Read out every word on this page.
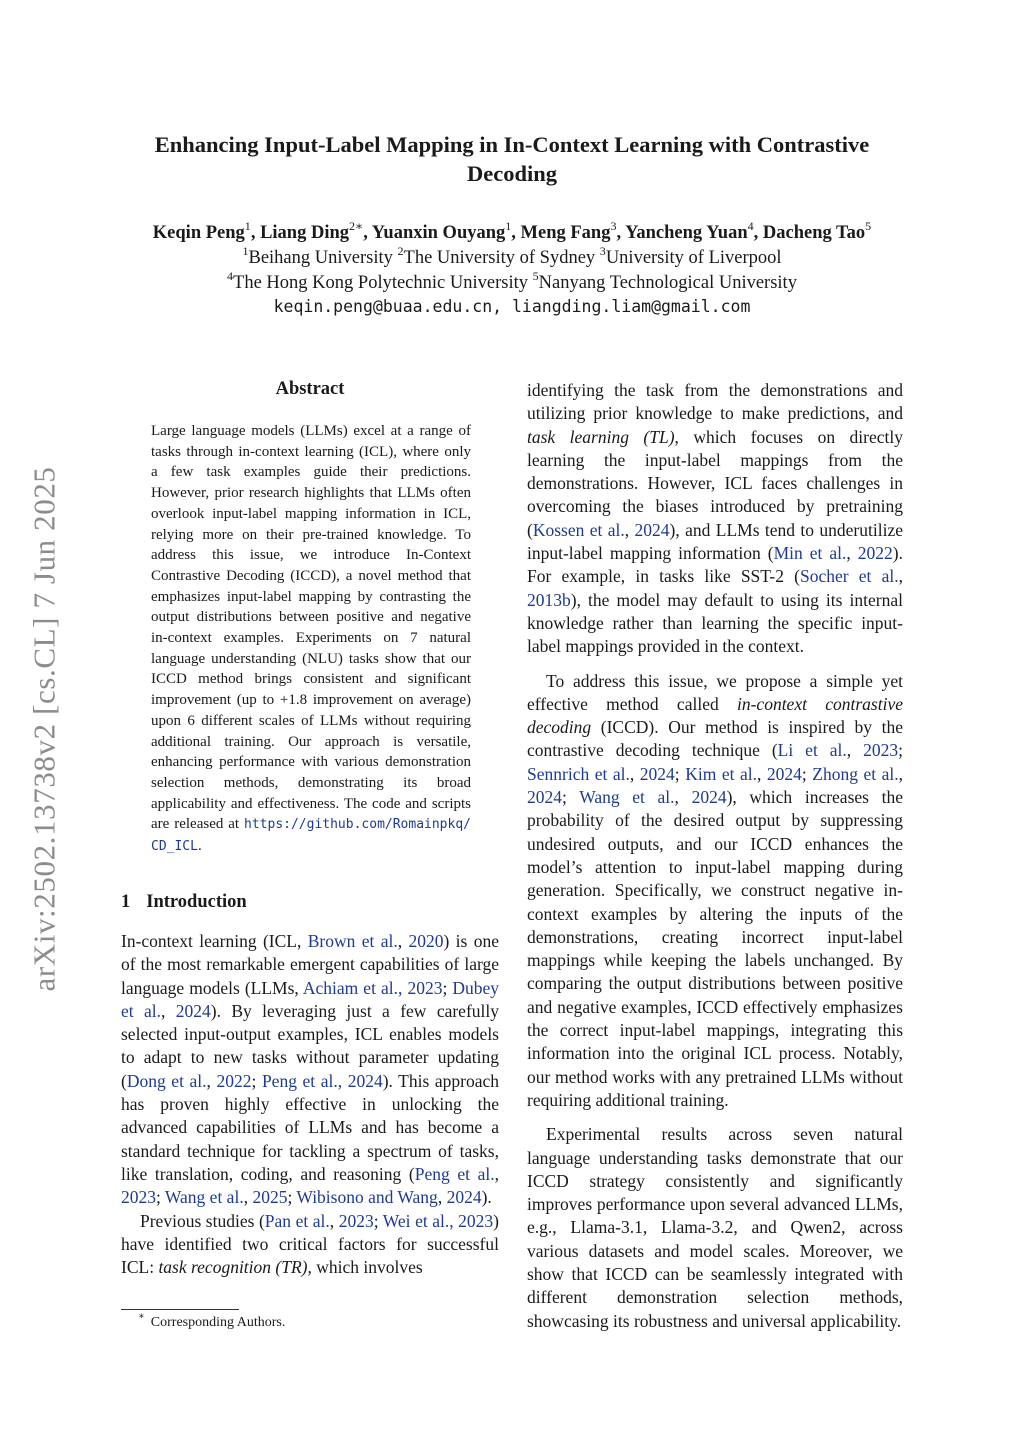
arXiv:2502.13738v2 [cs.CL] 7 Jun 2025
Enhancing Input-Label Mapping in In-Context Learning with Contrastive Decoding
Keqin Peng$^1$, Liang Ding$^{2∗}$, Yuanxin Ouyang$^1$, Meng Fang$^3$, Yancheng Yuan$^4$, Dacheng Tao$^5$
$^1$Beihang University $^2$The University of Sydney $^3$University of Liverpool
$^4$The Hong Kong Polytechnic University $^5$Nanyang Technological University
keqin.peng@buaa.edu.cn, liangding.liam@gmail.com
Abstract

Large language models (LLMs) excel at a range of tasks through in-context learning (ICL), where only a few task examples guide their predictions. However, prior research highlights that LLMs often overlook input-label mapping information in ICL, relying more on their pre-trained knowledge. To address this issue, we introduce In-Context Contrastive Decoding (ICCD), a novel method that emphasizes input-label mapping by contrasting the output distributions between positive and negative in-context examples. Experiments on 7 natural language understanding (NLU) tasks show that our ICCD method brings consistent and significant improvement (up to +1.8 improvement on average) upon 6 different scales of LLMs without requiring additional training. Our approach is versatile, enhancing performance with various demonstration selection methods, demonstrating its broad applicability and effectiveness. The code and scripts are released at https://github.com/Romainpkq/CD_ICL.

1 Introduction

In-context learning (ICL, Brown et al., 2020) is one of the most remarkable emergent capabilities of large language models (LLMs, Achiam et al., 2023; Dubey et al., 2024). By leveraging just a few carefully selected input-output examples, ICL enables models to adapt to new tasks without parameter updating (Dong et al., 2022; Peng et al., 2024). This approach has proven highly effective in unlocking the advanced capabilities of LLMs and has become a standard technique for tackling a spectrum of tasks, like translation, coding, and reasoning (Peng et al., 2023; Wang et al., 2025; Wibisono and Wang, 2024).

Previous studies (Pan et al., 2023; Wei et al., 2023) have identified two critical factors for successful ICL: task recognition (TR), which involves

identifying the task from the demonstrations and utilizing prior knowledge to make predictions, and task learning (TL), which focuses on directly learning the input-label mappings from the demonstrations. However, ICL faces challenges in overcoming the biases introduced by pretraining (Kossen et al., 2024), and LLMs tend to underutilize input-label mapping information (Min et al., 2022). For example, in tasks like SST-2 (Socher et al., 2013b), the model may default to using its internal knowledge rather than learning the specific input-label mappings provided in the context.

To address this issue, we propose a simple yet effective method called in-context contrastive decoding (ICCD). Our method is inspired by the contrastive decoding technique (Li et al., 2023; Sennrich et al., 2024; Kim et al., 2024; Zhong et al., 2024; Wang et al., 2024), which increases the probability of the desired output by suppressing undesired outputs, and our ICCD enhances the model’s attention to input-label mapping during generation. Specifically, we construct negative in-context examples by altering the inputs of the demonstrations, creating incorrect input-label mappings while keeping the labels unchanged. By comparing the output distributions between positive and negative examples, ICCD effectively emphasizes the correct input-label mappings, integrating this information into the original ICL process. Notably, our method works with any pretrained LLMs without requiring additional training.

Experimental results across seven natural language understanding tasks demonstrate that our ICCD strategy consistently and significantly improves performance upon several advanced LLMs, e.g., Llama-3.1, Llama-3.2, and Qwen2, across various datasets and model scales. Moreover, we show that ICCD can be seamlessly integrated with different demonstration selection methods, showcasing its robustness and universal applicability.

∗ Corresponding Authors.
